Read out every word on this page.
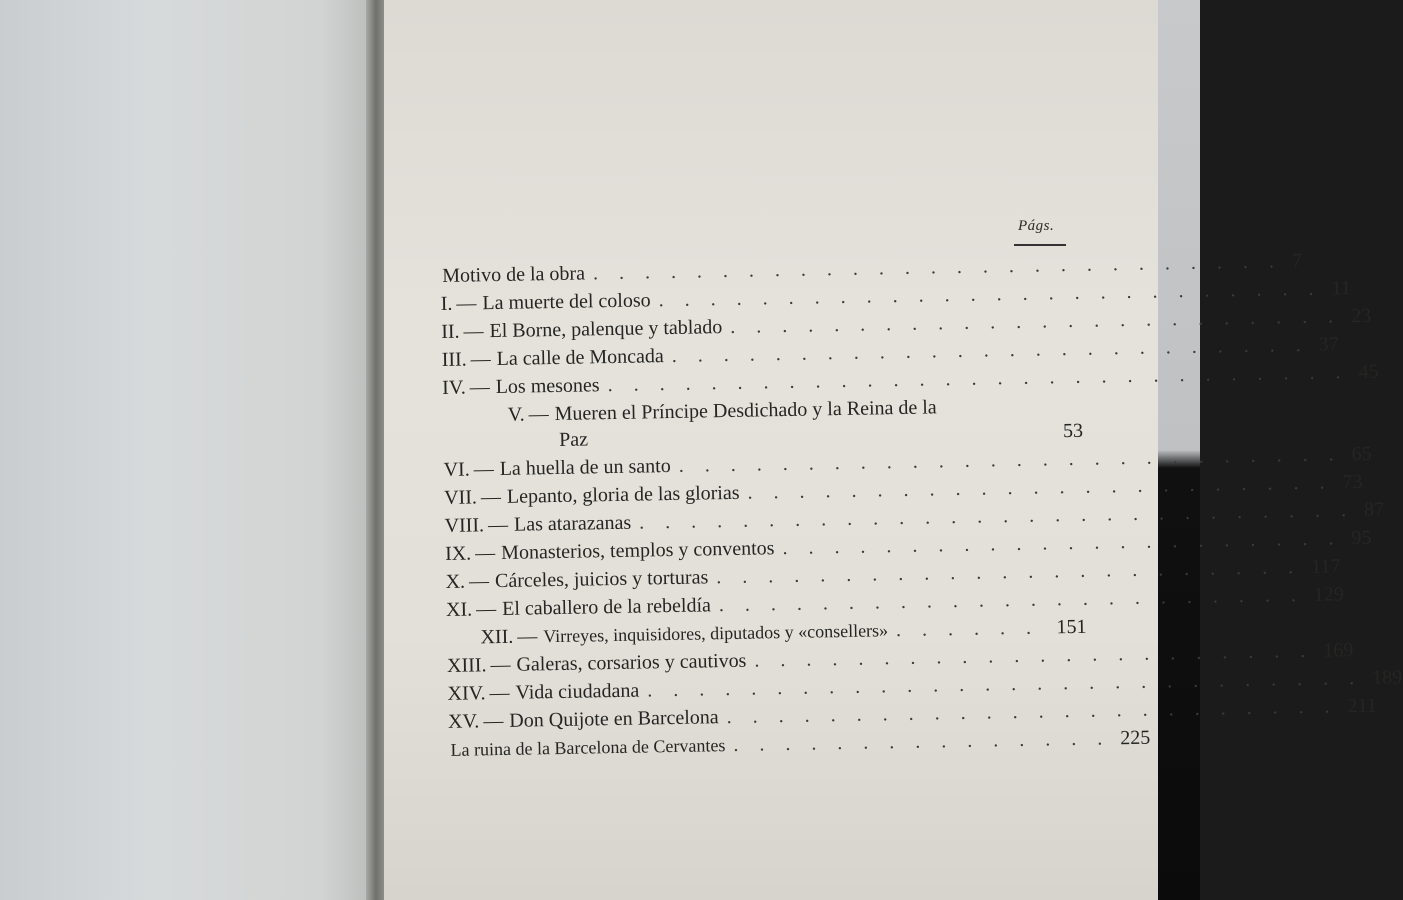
Págs.
Motivo de la obra . . . . . . . . . . . . . . . . . . . . . . . . . . . 7
I. — La muerte del coloso . . . . . . . . . . . . . . . . . . . . . . . . . . 11
II. — El Borne, palenque y tablado . . . . . . . . . . . . . . . . . . . . . . . . 23
III. — La calle de Moncada . . . . . . . . . . . . . . . . . . . . . . . . . 37
IV. — Los mesones . . . . . . . . . . . . . . . . . . . . . . . . . . . . . 45
V. — Mueren el Príncipe Desdichado y la Reina de la
Paz	53
VI. — La huella de un santo . . . . . . . . . . . . . . . . . . . . . . . . . . 65
VII. — Lepanto, gloria de las glorias . . . . . . . . . . . . . . . . . . . . . . . 73
VIII. — Las atarazanas . . . . . . . . . . . . . . . . . . . . . . . . . . . . 87
IX. — Monasterios, templos y conventos . . . . . . . . . . . . . . . . . . . . . . 95
X. — Cárceles, juicios y torturas . . . . . . . . . . . . . . . . . . . . . . . 117
XI. — El caballero de la rebeldía . . . . . . . . . . . . . . . . . . . . . . . 129
XII. — Virreyes, inquisidores, diputados y «consellers» . . . . . . 151
XIII. — Galeras, corsarios y cautivos . . . . . . . . . . . . . . . . . . . . . . 169
XIV. — Vida ciudadana . . . . . . . . . . . . . . . . . . . . . . . . . . . . 189
XV. — Don Quijote en Barcelona . . . . . . . . . . . . . . . . . . . . . . . . 211
La ruina de la Barcelona de Cervantes . . . . . . . . . . . . . . . 225
